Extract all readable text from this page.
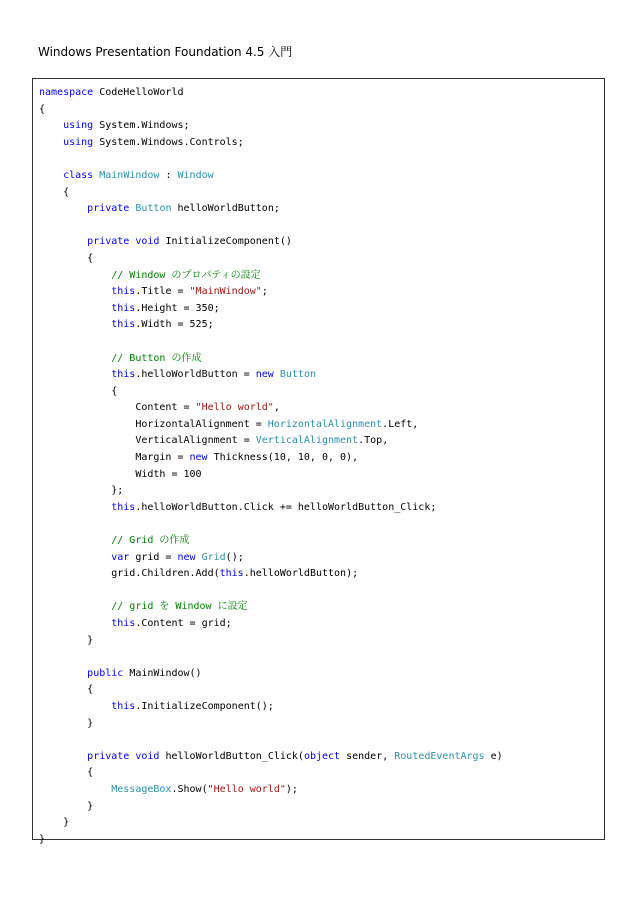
Windows Presentation Foundation 4.5 入門
namespace CodeHelloWorld
{
using System.Windows;
using System.Windows.Controls;

class MainWindow : Window
{
private Button helloWorldButton;

private void InitializeComponent()
{
// Window のプロパティの設定
this.Title = "MainWindow";
this.Height = 350;
this.Width = 525;

// Button の作成
this.helloWorldButton = new Button
{
Content = "Hello world",
HorizontalAlignment = HorizontalAlignment.Left,
VerticalAlignment = VerticalAlignment.Top,
Margin = new Thickness(10, 10, 0, 0),
Width = 100
};
this.helloWorldButton.Click += helloWorldButton_Click;

// Grid の作成
var grid = new Grid();
grid.Children.Add(this.helloWorldButton);

// grid を Window に設定
this.Content = grid;
}

public MainWindow()
{
this.InitializeComponent();
}

private void helloWorldButton_Click(object sender, RoutedEventArgs e)
{
MessageBox.Show("Hello world");
}
}
}
